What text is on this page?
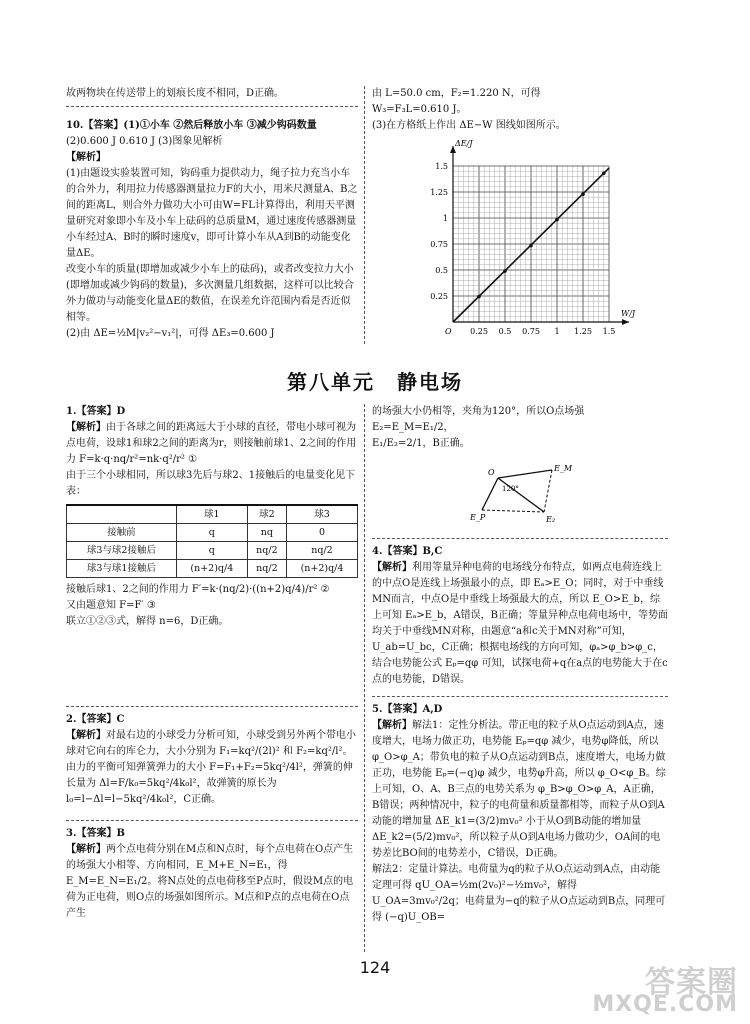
故两物块在传送带上的划痕长度不相同，D正确。

10.【答案】(1)①小车 ②然后释放小车 ③减少钩码数量

(2)0.600 J 0.610 J (3)图象见解析

【解析】

(1)由题设实验装置可知，钩码重力提供动力，绳子拉力充当小车的合外力，利用拉力传感器测量拉力F的大小，用米尺测量A、B之间的距离L，则合外力做功大小可由W=FL计算得出，利用天平测量研究对象即小车及小车上砝码的总质量M，通过速度传感器测量小车经过A、B时的瞬时速度v，即可计算小车从A到B的动能变化量ΔE。

改变小车的质量(即增加或减少小车上的砝码)，或者改变拉力大小(即增加或减少钩码的数量)，多次测量几组数据，这样可以比较合外力做功与动能变化量ΔE的数值，在误差允许范围内看是否近似相等。

(2)由 ΔE=½M|v₂²−v₁²|，可得 ΔE₃=0.600 J

由 L=50.0 cm，F₂=1.220 N，可得

W₃=F₃L=0.610 J。

(3)在方格纸上作出 ΔE−W 图线如图所示。

0.25 0.5 0.75 1 1.25 1.5
0.25
0.5
0.75
1
1.25
1.5
O
ΔE/J
W/J
第八单元　静电场

1.【答案】D

【解析】由于各球之间的距离远大于小球的直径，带电小球可视为点电荷，设球1和球2之间的距离为r，则接触前球1、2之间的作用力 F=k·q·nq/r²=nk·q²/r² ①

由于三个小球相同，所以球3先后与球2、1接触后的电量变化见下表：

	球1	球2	球3
接触前	q	nq	0
球3与球2接触后	q	nq/2	nq/2
球3与球1接触后	(n+2)q/4	nq/2	(n+2)q/4

接触后球1、2之间的作用力 F′=k·(nq/2)·((n+2)q/4)/r² ②

又由题意知 F=F′ ③

联立①②③式，解得 n=6，D正确。

2.【答案】C

【解析】对最右边的小球受力分析可知，小球受到另外两个带电小球对它向右的库仑力，大小分别为 F₁=kq²/(2l)² 和 F₂=kq²/l²。

由力的平衡可知弹簧弹力的大小 F=F₁+F₂=5kq²/4l²，弹簧的伸长量为 Δl=F/k₀=5kq²/4k₀l²，故弹簧的原长为 l₀=l−Δl=l−5kq²/4k₀l²，C正确。

3.【答案】B

【解析】两个点电荷分别在M点和N点时，每个点电荷在O点产生的场强大小相等、方向相同，E_M+E_N=E₁，得 E_M=E_N=E₁/2。将N点处的点电荷移至P点时，假设M点的电荷为正电荷，则O点的场强如图所示。M点和P点的点电荷在O点产生

的场强大小仍相等，夹角为120°，所以O点场强 E₂=E_M=E₁/2，

E₁/E₂=2/1，B正确。

E_M
O
120°
E_P	E₂

4.【答案】B,C

【解析】利用等量异种电荷的电场线分布特点，如两点电荷连线上的中点O是连线上场强最小的点，即 Eₐ>E_O；同时，对于中垂线MN而言，中点O是中垂线上场强最大的点，所以 E_O>E_b，综上可知 Eₐ>E_b，A错误，B正确；等量异种点电荷电场中，等势面均关于中垂线MN对称，由题意“a和c关于MN对称”可知，U_ab=U_bc，C正确；根据电场线的方向可知，φₐ>φ_b>φ_c，结合电势能公式 Eₚ=qφ 可知，试探电荷+q在a点的电势能大于在c点的电势能，D错误。

5.【答案】A,D

【解析】解法1：定性分析法。带正电的粒子从O点运动到A点，速度增大，电场力做正功，电势能 Eₚ=qφ 减少，电势φ降低，所以 φ_O>φ_A；带负电的粒子从O点运动到B点，速度增大，电场力做正功，电势能 Eₚ=(−q)φ 减少，电势φ升高，所以 φ_O<φ_B。综上可知，O、A、B三点的电势关系为 φ_B>φ_O>φ_A，A正确，B错误；两种情况中，粒子的电荷量和质量都相等，而粒子从O到A动能的增加量 ΔE_k1=(3/2)mv₀² 小于从O到B动能的增加量 ΔE_k2=(5/2)mv₀²，所以粒子从O到A电场力做功少，OA间的电势差比BO间的电势差小，C错误，D正确。

解法2：定量计算法。电荷量为q的粒子从O点运动到A点，由动能定理可得 qU_OA=½m(2v₀)²−½mv₀²，解得 U_OA=3mv₀²/2q；电荷量为−q的粒子从O点运动到B点，同理可得 (−q)U_OB=

124	答案圈
MXQE.COM
